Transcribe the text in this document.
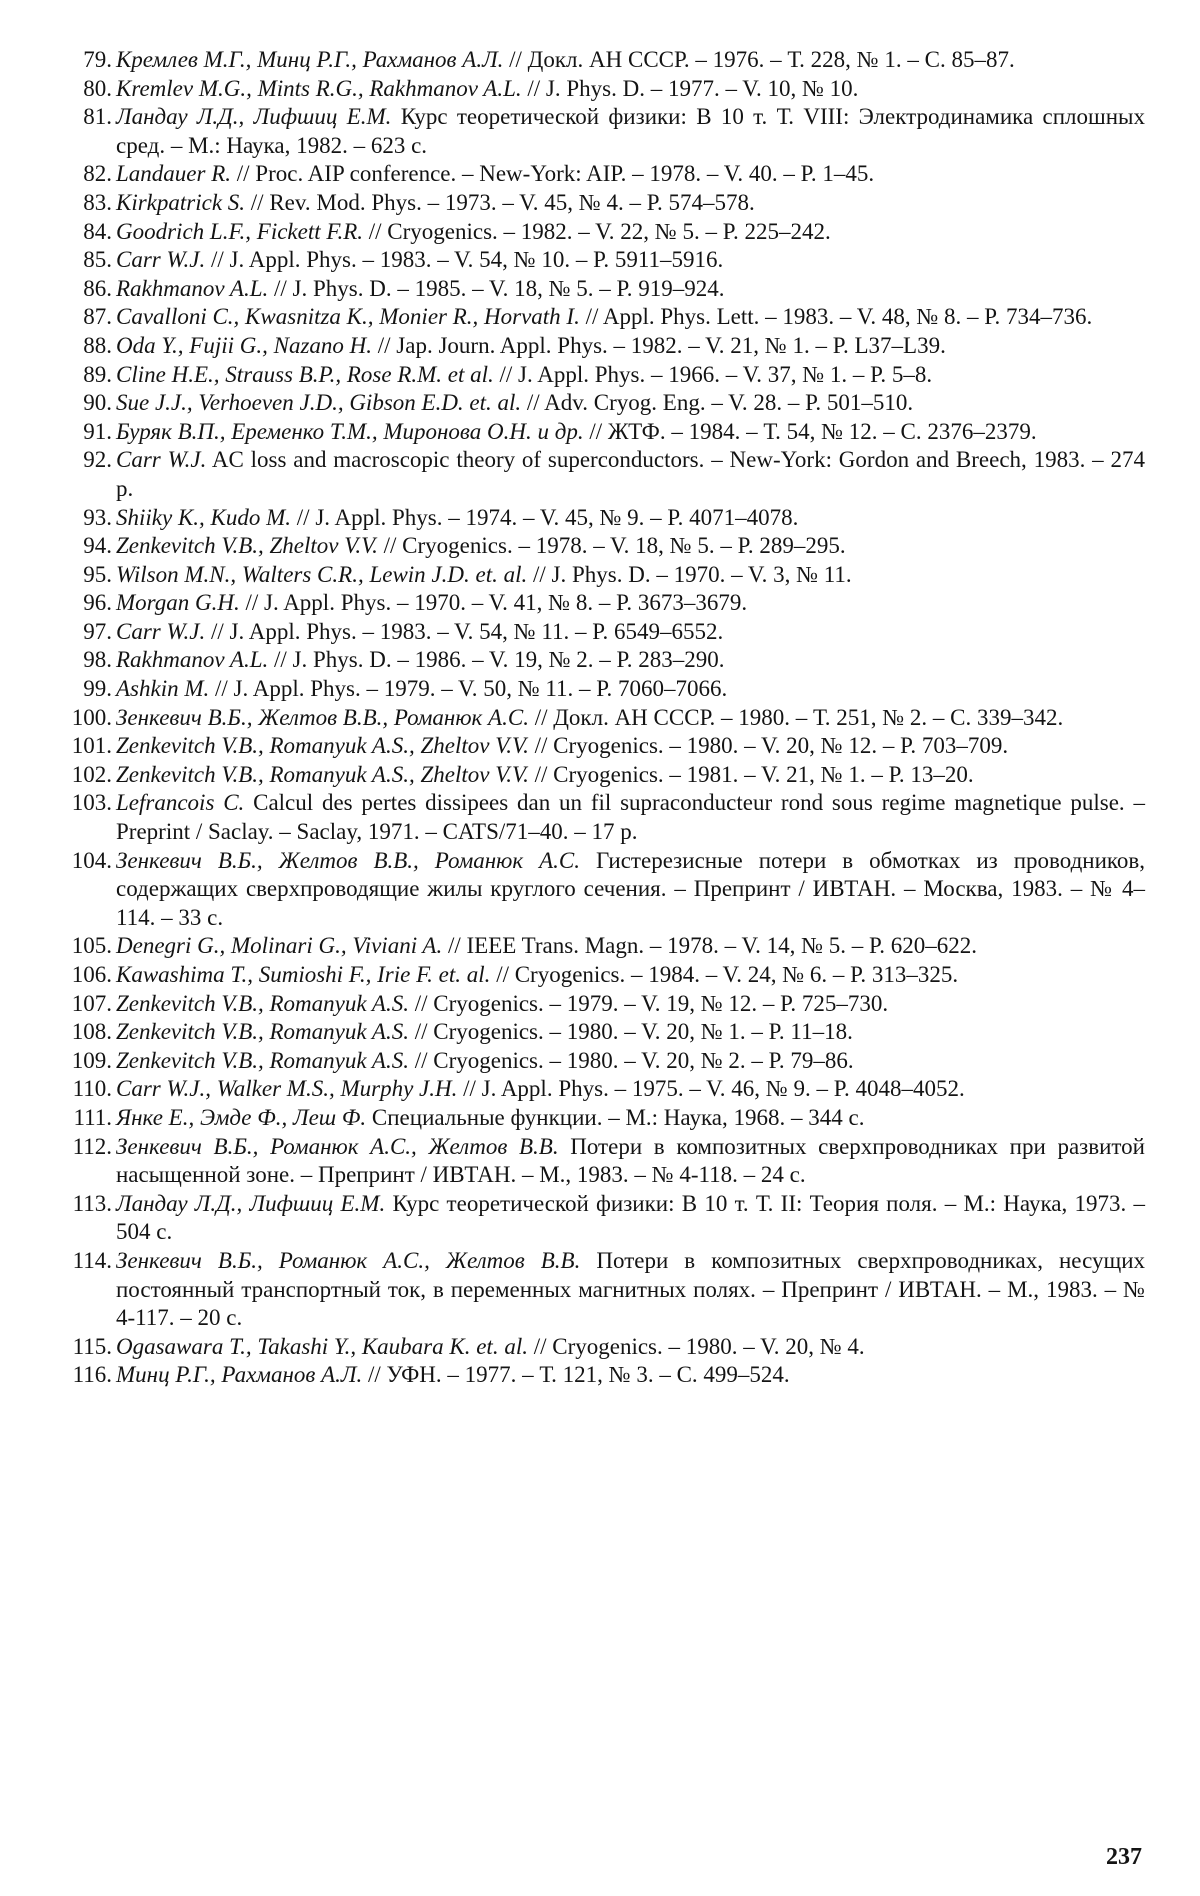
79. Кремлев М.Г., Минц Р.Г., Рахманов А.Л. // Докл. АН СССР. – 1976. – Т. 228, № 1. – С. 85–87.
80. Kremlev M.G., Mints R.G., Rakhmanov A.L. // J. Phys. D. – 1977. – V. 10, № 10.
81. Ландау Л.Д., Лифшиц Е.М. Курс теоретической физики: В 10 т. Т. VIII: Электродинамика сплошных сред. – М.: Наука, 1982. – 623 с.
82. Landauer R. // Proc. AIP conference. – New-York: AIP. – 1978. – V. 40. – P. 1–45.
83. Kirkpatrick S. // Rev. Mod. Phys. – 1973. – V. 45, № 4. – P. 574–578.
84. Goodrich L.F., Fickett F.R. // Cryogenics. – 1982. – V. 22, № 5. – P. 225–242.
85. Carr W.J. // J. Appl. Phys. – 1983. – V. 54, № 10. – P. 5911–5916.
86. Rakhmanov A.L. // J. Phys. D. – 1985. – V. 18, № 5. – P. 919–924.
87. Cavalloni C., Kwasnitza K., Monier R., Horvath I. // Appl. Phys. Lett. – 1983. – V. 48, № 8. – P. 734–736.
88. Oda Y., Fujii G., Nazano H. // Jap. Journ. Appl. Phys. – 1982. – V. 21, № 1. – P. L37–L39.
89. Cline H.E., Strauss B.P., Rose R.M. et al. // J. Appl. Phys. – 1966. – V. 37, № 1. – P. 5–8.
90. Sue J.J., Verhoeven J.D., Gibson E.D. et. al. // Adv. Cryog. Eng. – V. 28. – P. 501–510.
91. Буряк В.П., Еременко Т.М., Миронова О.Н. и др. // ЖТФ. – 1984. – Т. 54, № 12. – С. 2376–2379.
92. Carr W.J. AC loss and macroscopic theory of superconductors. – New-York: Gordon and Breech, 1983. – 274 p.
93. Shiiky K., Kudo M. // J. Appl. Phys. – 1974. – V. 45, № 9. – P. 4071–4078.
94. Zenkevitch V.B., Zheltov V.V. // Cryogenics. – 1978. – V. 18, № 5. – P. 289–295.
95. Wilson M.N., Walters C.R., Lewin J.D. et. al. // J. Phys. D. – 1970. – V. 3, № 11.
96. Morgan G.H. // J. Appl. Phys. – 1970. – V. 41, № 8. – P. 3673–3679.
97. Carr W.J. // J. Appl. Phys. – 1983. – V. 54, № 11. – P. 6549–6552.
98. Rakhmanov A.L. // J. Phys. D. – 1986. – V. 19, № 2. – P. 283–290.
99. Ashkin M. // J. Appl. Phys. – 1979. – V. 50, № 11. – P. 7060–7066.
100. Зенкевич В.Б., Желтов В.В., Романюк А.С. // Докл. АН СССР. – 1980. – Т. 251, № 2. – С. 339–342.
101. Zenkevitch V.B., Romanyuk A.S., Zheltov V.V. // Cryogenics. – 1980. – V. 20, № 12. – P. 703–709.
102. Zenkevitch V.B., Romanyuk A.S., Zheltov V.V. // Cryogenics. – 1981. – V. 21, № 1. – P. 13–20.
103. Lefrancois C. Calcul des pertes dissipees dan un fil supraconducteur rond sous regime magnetique pulse. – Preprint / Saclay. – Saclay, 1971. – CATS/71–40. – 17 p.
104. Зенкевич В.Б., Желтов В.В., Романюк А.С. Гистерезисные потери в обмотках из проводников, содержащих сверхпроводящие жилы круглого сечения. – Препринт / ИВТАН. – Москва, 1983. – № 4–114. – 33 с.
105. Denegri G., Molinari G., Viviani A. // IEEE Trans. Magn. – 1978. – V. 14, № 5. – P. 620–622.
106. Kawashima T., Sumioshi F., Irie F. et. al. // Cryogenics. – 1984. – V. 24, № 6. – P. 313–325.
107. Zenkevitch V.B., Romanyuk A.S. // Cryogenics. – 1979. – V. 19, № 12. – P. 725–730.
108. Zenkevitch V.B., Romanyuk A.S. // Cryogenics. – 1980. – V. 20, № 1. – P. 11–18.
109. Zenkevitch V.B., Romanyuk A.S. // Cryogenics. – 1980. – V. 20, № 2. – P. 79–86.
110. Carr W.J., Walker M.S., Murphy J.H. // J. Appl. Phys. – 1975. – V. 46, № 9. – P. 4048–4052.
111. Янке Е., Эмде Ф., Леш Ф. Специальные функции. – М.: Наука, 1968. – 344 с.
112. Зенкевич В.Б., Романюк А.С., Желтов В.В. Потери в композитных сверхпроводниках при развитой насыщенной зоне. – Препринт / ИВТАН. – М., 1983. – № 4-118. – 24 с.
113. Ландау Л.Д., Лифшиц Е.М. Курс теоретической физики: В 10 т. Т. II: Теория поля. – М.: Наука, 1973. – 504 с.
114. Зенкевич В.Б., Романюк А.С., Желтов В.В. Потери в композитных сверхпроводниках, несущих постоянный транспортный ток, в переменных магнитных полях. – Препринт / ИВТАН. – М., 1983. – № 4-117. – 20 с.
115. Ogasawara T., Takashi Y., Kaubara K. et. al. // Cryogenics. – 1980. – V. 20, № 4.
116. Минц Р.Г., Рахманов А.Л. // УФН. – 1977. – Т. 121, № 3. – С. 499–524.
237
